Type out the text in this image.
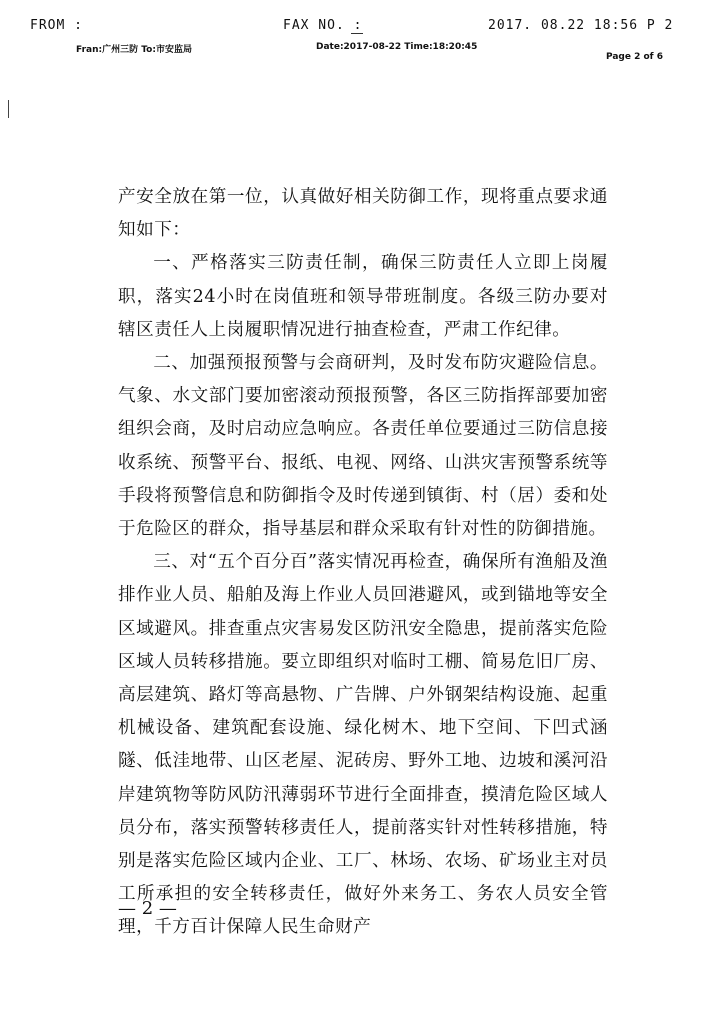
FROM :	FAX NO. :	2017. 08.22 18:56 P 2
Fran:广州三防 To:市安监局	Date:2017-08-22 Time:18:20:45
Page 2 of 6

产安全放在第一位，认真做好相关防御工作，现将重点要求通知如下：

一、严格落实三防责任制，确保三防责任人立即上岗履职，落实24小时在岗值班和领导带班制度。各级三防办要对辖区责任人上岗履职情况进行抽查检查，严肃工作纪律。

二、加强预报预警与会商研判，及时发布防灾避险信息。气象、水文部门要加密滚动预报预警，各区三防指挥部要加密组织会商，及时启动应急响应。各责任单位要通过三防信息接收系统、预警平台、报纸、电视、网络、山洪灾害预警系统等手段将预警信息和防御指令及时传递到镇街、村（居）委和处于危险区的群众，指导基层和群众采取有针对性的防御措施。

三、对“五个百分百”落实情况再检查，确保所有渔船及渔排作业人员、船舶及海上作业人员回港避风，或到锚地等安全区域避风。排查重点灾害易发区防汛安全隐患，提前落实危险区域人员转移措施。要立即组织对临时工棚、简易危旧厂房、高层建筑、路灯等高悬物、广告牌、户外钢架结构设施、起重机械设备、建筑配套设施、绿化树木、地下空间、下凹式涵隧、低洼地带、山区老屋、泥砖房、野外工地、边坡和溪河沿岸建筑物等防风防汛薄弱环节进行全面排查，摸清危险区域人员分布，落实预警转移责任人，提前落实针对性转移措施，特别是落实危险区域内企业、工厂、林场、农场、矿场业主对员工所承担的安全转移责任，做好外来务工、务农人员安全管理，千方百计保障人民生命财产

— 2 —
